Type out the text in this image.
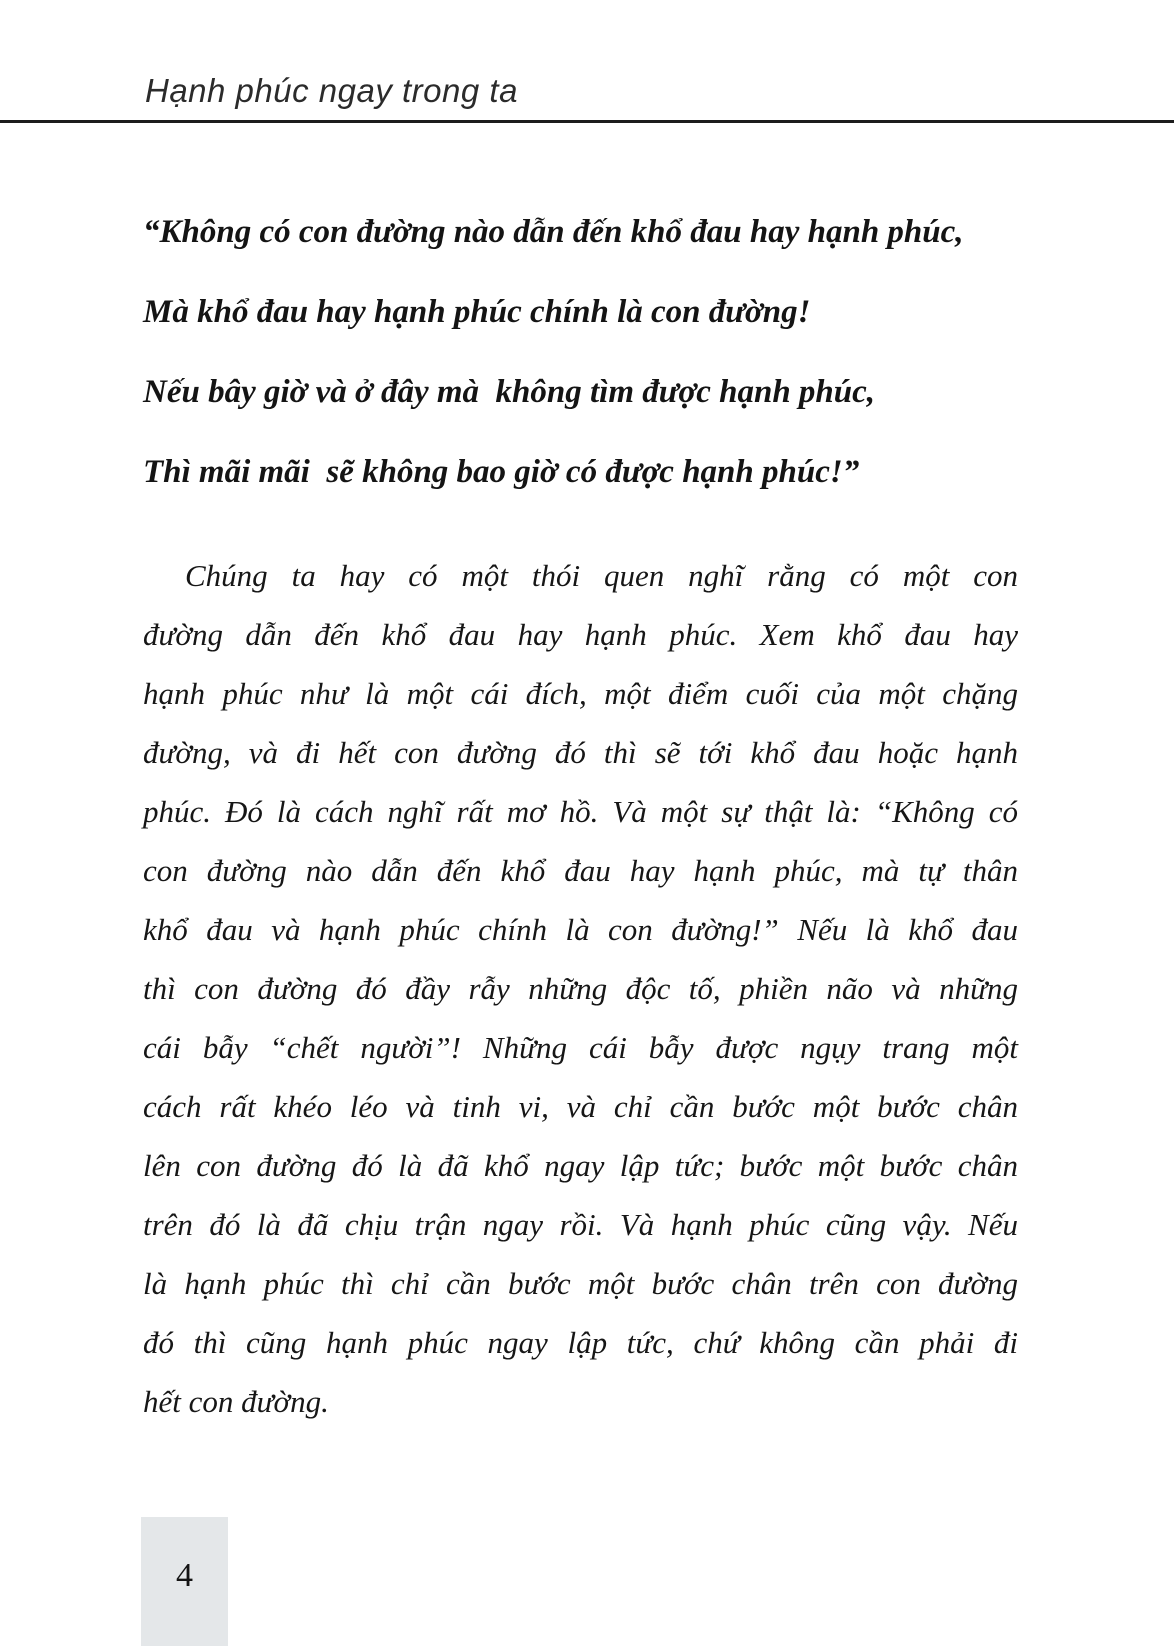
Hạnh phúc ngay trong ta
“Không có con đường nào dẫn đến khổ đau hay hạnh phúc,
Mà khổ đau hay hạnh phúc chính là con đường!
Nếu bây giờ và ở đây mà  không tìm được hạnh phúc,
Thì mãi mãi  sẽ không bao giờ có được hạnh phúc!”
Chúng ta hay có một thói quen nghĩ rằng có một con
đường dẫn đến khổ đau hay hạnh phúc. Xem khổ đau hay
hạnh phúc như là một cái đích, một điểm cuối của một chặng
đường, và đi hết con đường đó thì sẽ tới khổ đau hoặc hạnh
phúc. Đó là cách nghĩ rất mơ hồ. Và một sự thật là: “Không có
con đường nào dẫn đến khổ đau hay hạnh phúc, mà tự thân
khổ đau và hạnh phúc chính là con đường!” Nếu là khổ đau
thì con đường đó đầy rẫy những độc tố, phiền não và những
cái bẫy “chết người”! Những cái bẫy được ngụy trang một
cách rất khéo léo và tinh vi, và chỉ cần bước một bước chân
lên con đường đó là đã khổ ngay lập tức; bước một bước chân
trên đó là đã chịu trận ngay rồi. Và hạnh phúc cũng vậy. Nếu
là hạnh phúc thì chỉ cần bước một bước chân trên con đường
đó thì cũng hạnh phúc ngay lập tức, chứ không cần phải đi
hết con đường.
4
